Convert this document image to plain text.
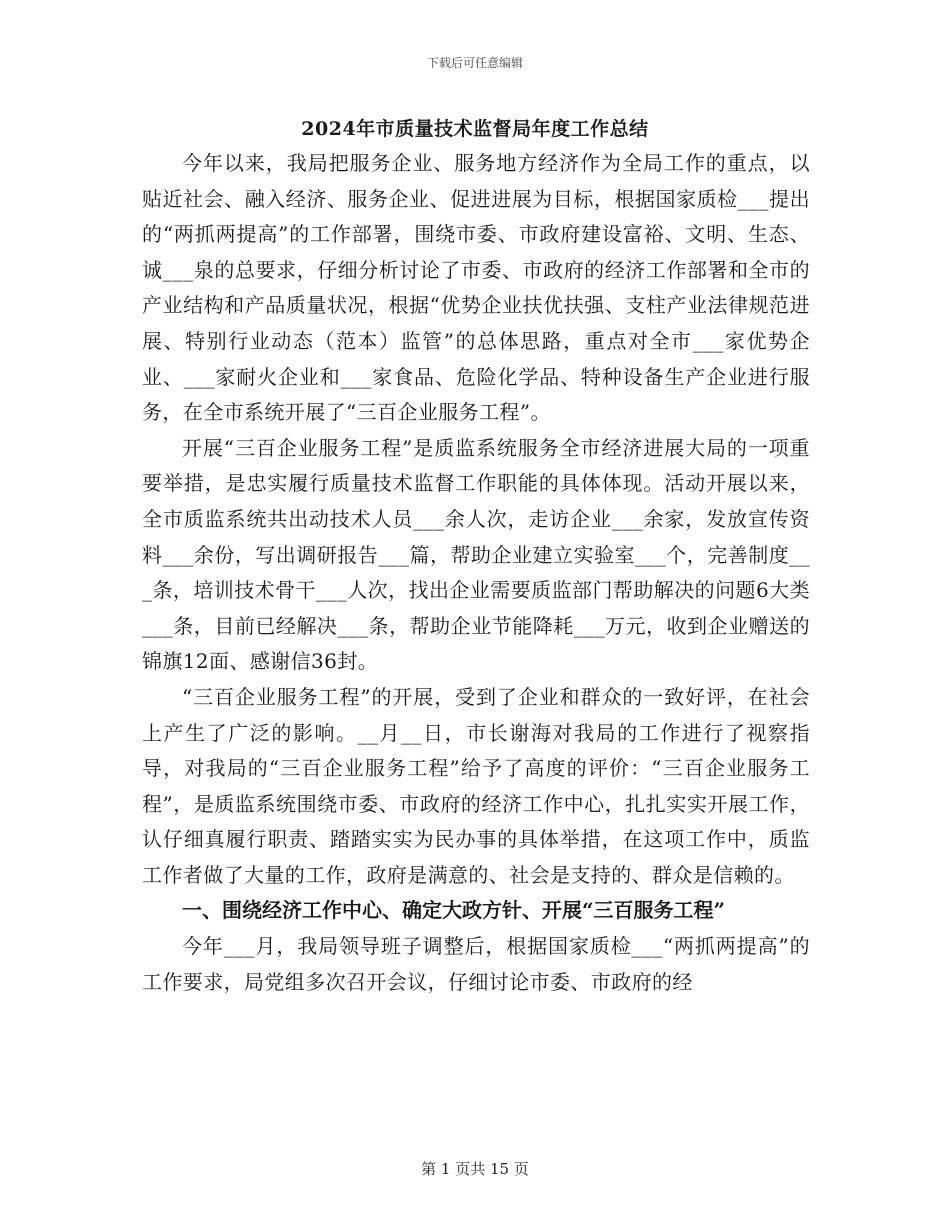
下载后可任意编辑
2024年市质量技术监督局年度工作总结

今年以来，我局把服务企业、服务地方经济作为全局工作的重点，以贴近社会、融入经济、服务企业、促进进展为目标，根据国家质检___提出的“两抓两提高”的工作部署，围绕市委、市政府建设富裕、文明、生态、诚___泉的总要求，仔细分析讨论了市委、市政府的经济工作部署和全市的产业结构和产品质量状况，根据“优势企业扶优扶强、支柱产业法律规范进展、特别行业动态（范本）监管”的总体思路，重点对全市___家优势企业、___家耐火企业和___家食品、危险化学品、特种设备生产企业进行服务，在全市系统开展了“三百企业服务工程”。

开展“三百企业服务工程”是质监系统服务全市经济进展大局的一项重要举措，是忠实履行质量技术监督工作职能的具体体现。活动开展以来，全市质监系统共出动技术人员___余人次，走访企业___余家，发放宣传资料___余份，写出调研报告___篇，帮助企业建立实验室___个，完善制度___条，培训技术骨干___人次，找出企业需要质监部门帮助解决的问题6大类___条，目前已经解决___条，帮助企业节能降耗___万元，收到企业赠送的锦旗12面、感谢信36封。

“三百企业服务工程”的开展，受到了企业和群众的一致好评，在社会上产生了广泛的影响。__月__日，市长谢海对我局的工作进行了视察指导，对我局的“三百企业服务工程”给予了高度的评价：“三百企业服务工程”，是质监系统围绕市委、市政府的经济工作中心，扎扎实实开展工作，认仔细真履行职责、踏踏实实为民办事的具体举措，在这项工作中，质监工作者做了大量的工作，政府是满意的、社会是支持的、群众是信赖的。

一、围绕经济工作中心、确定大政方针、开展“三百服务工程”

今年___月，我局领导班子调整后，根据国家质检___“两抓两提高”的工作要求，局党组多次召开会议，仔细讨论市委、市政府的经

第 1 页共 15 页
